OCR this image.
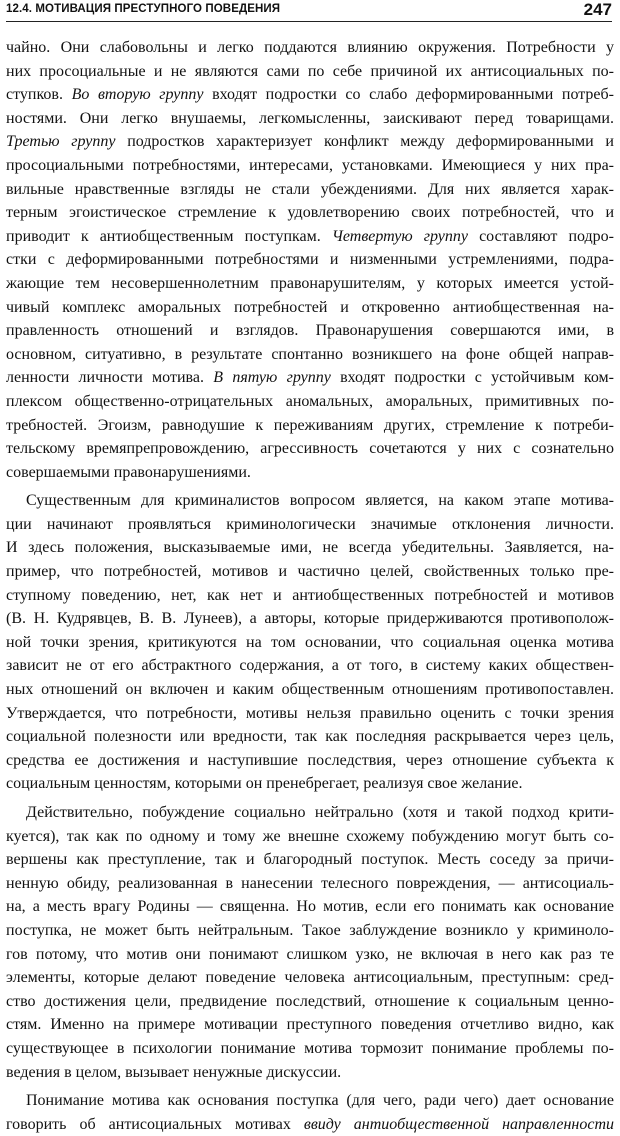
12.4. МОТИВАЦИЯ ПРЕСТУПНОГО ПОВЕДЕНИЯ	247
чайно. Они слабовольны и легко поддаются влиянию окружения. Потребности у
них просоциальные и не являются сами по себе причиной их антисоциальных по-
ступков. Во вторую группу входят подростки со слабо деформированными потреб-
ностями. Они легко внушаемы, легкомысленны, заискивают перед товарищами.
Третью группу подростков характеризует конфликт между деформированными и
просоциальными потребностями, интересами, установками. Имеющиеся у них пра-
вильные нравственные взгляды не стали убеждениями. Для них является харак-
терным эгоистическое стремление к удовлетворению своих потребностей, что и
приводит к антиобщественным поступкам. Четвертую группу составляют подро-
стки с деформированными потребностями и низменными устремлениями, подра-
жающие тем несовершеннолетним правонарушителям, у которых имеется устой-
чивый комплекс аморальных потребностей и откровенно антиобщественная на-
правленность отношений и взглядов. Правонарушения совершаются ими, в
основном, ситуативно, в результате спонтанно возникшего на фоне общей направ-
ленности личности мотива. В пятую группу входят подростки с устойчивым ком-
плексом общественно-отрицательных аномальных, аморальных, примитивных по-
требностей. Эгоизм, равнодушие к переживаниям других, стремление к потреби-
тельскому времяпрепровождению, агрессивность сочетаются у них с сознательно
совершаемыми правонарушениями.
Существенным для криминалистов вопросом является, на каком этапе мотива-
ции начинают проявляться криминологически значимые отклонения личности.
И здесь положения, высказываемые ими, не всегда убедительны. Заявляется, на-
пример, что потребностей, мотивов и частично целей, свойственных только пре-
ступному поведению, нет, как нет и антиобщественных потребностей и мотивов
(В. Н. Кудрявцев, В. В. Лунеев), а авторы, которые придерживаются противополож-
ной точки зрения, критикуются на том основании, что социальная оценка мотива
зависит не от его абстрактного содержания, а от того, в систему каких обществен-
ных отношений он включен и каким общественным отношениям противопоставлен.
Утверждается, что потребности, мотивы нельзя правильно оценить с точки зрения
социальной полезности или вредности, так как последняя раскрывается через цель,
средства ее достижения и наступившие последствия, через отношение субъекта к
социальным ценностям, которыми он пренебрегает, реализуя свое желание.
Действительно, побуждение социально нейтрально (хотя и такой подход крити-
куется), так как по одному и тому же внешне схожему побуждению могут быть со-
вершены как преступление, так и благородный поступок. Месть соседу за причи-
ненную обиду, реализованная в нанесении телесного повреждения, — антисоциаль-
на, а месть врагу Родины — священна. Но мотив, если его понимать как основание
поступка, не может быть нейтральным. Такое заблуждение возникло у криминоло-
гов потому, что мотив они понимают слишком узко, не включая в него как раз те
элементы, которые делают поведение человека антисоциальным, преступным: сред-
ство достижения цели, предвидение последствий, отношение к социальным ценно-
стям. Именно на примере мотивации преступного поведения отчетливо видно, как
существующее в психологии понимание мотива тормозит понимание проблемы по-
ведения в целом, вызывает ненужные дискуссии.
Понимание мотива как основания поступка (для чего, ради чего) дает основание
говорить об антисоциальных мотивах ввиду антиобщественной направленности
